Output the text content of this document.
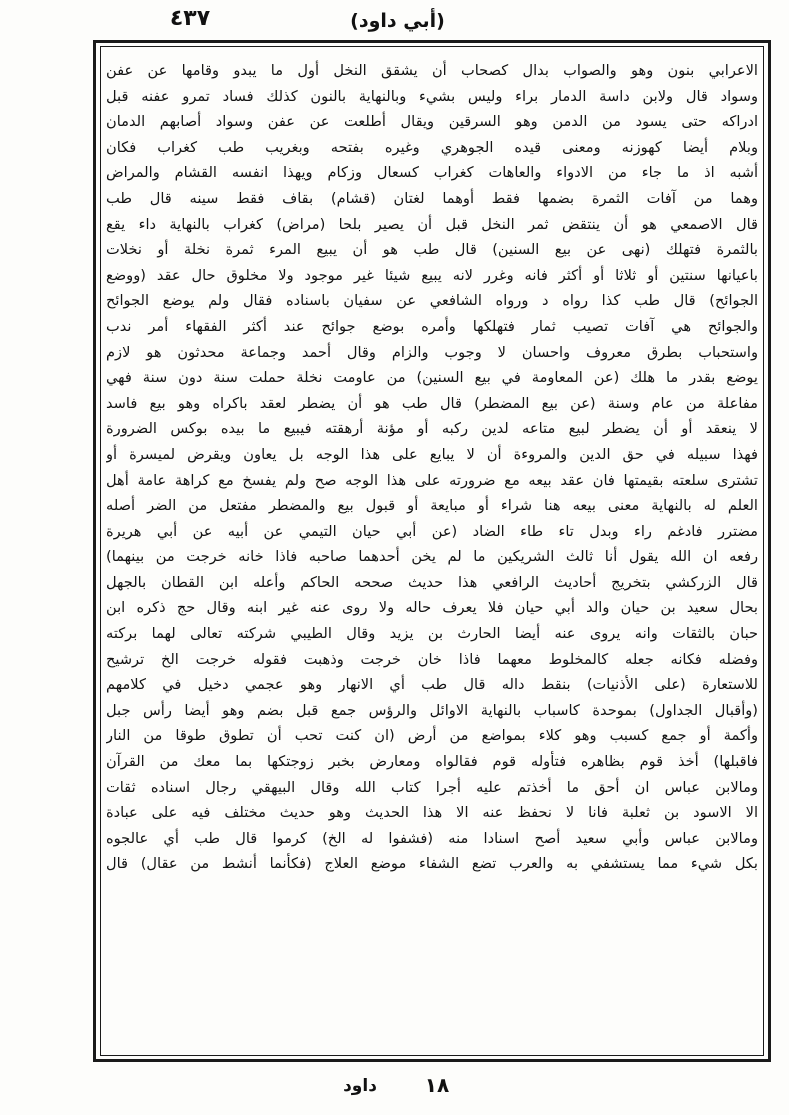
٤٣٧	(أبي داود)
الاعرابي بنون وهو والصواب بدال كصحاب أن يشقق النخل أول ما يبدو وقامها عن عفن
وسواد قال ولابن داسة الدمار براء وليس بشيء وبالنهاية بالنون كذلك فساد تمرو عفنه قبل
ادراكه حتى يسود من الدمن وهو السرقين ويقال أطلعت عن عفن وسواد أصابهم الدمان
وبلام أيضا كهوزنه ومعنى قيده الجوهري وغيره بفتحه وبغريب طب كغراب فكان
أشبه اذ ما جاء من الادواء والعاهات كغراب كسعال وزكام ويهذا انفسه القشام والمراض
وهما من آفات الثمرة بضمها فقط أوهما لغتان (قشام) بقاف فقط سينه قال طب
قال الاصمعي هو أن ينتقض ثمر النخل قبل أن يصير بلحا (مراض) كغراب بالنهاية داء يقع
بالثمرة فتهلك (نهى عن بيع السنين) قال طب هو أن يبيع المرء ثمرة نخلة أو نخلات
باعيانها سنتين أو ثلاثا أو أكثر فانه وغرر لانه يبيع شيئا غير موجود ولا مخلوق حال عقد (ووضع
الجوائح) قال طب كذا رواه د ورواه الشافعي عن سفيان باسناده فقال ولم يوضع الجوائح
والجوائح هي آفات تصيب ثمار فتهلكها وأمره بوضع جوائح عند أكثر الفقهاء أمر ندب
واستحباب بطرق معروف واحسان لا وجوب والزام وقال أحمد وجماعة محدثون هو لازم
يوضع بقدر ما هلك (عن المعاومة في بيع السنين) من عاومت نخلة حملت سنة دون سنة فهي
مفاعلة من عام وسنة (عن بيع المضطر) قال طب هو أن يضطر لعقد باكراه وهو بيع فاسد
لا ينعقد أو أن يضطر لبيع متاعه لدين ركبه أو مؤنة أرهقته فيبيع ما بيده بوكس الضرورة
فهذا سبيله في حق الدين والمروءة أن لا يبايع على هذا الوجه بل يعاون ويقرض لميسرة أو
تشترى سلعته بقيمتها فان عقد بيعه مع ضرورته على هذا الوجه صح ولم يفسخ مع كراهة عامة أهل
العلم له بالنهاية معنى بيعه هنا شراء أو مبايعة أو قبول بيع والمضطر مفتعل من الضر أصله
مضترر فادغم راء وبدل تاء طاء الضاد (عن أبي حيان التيمي عن أبيه عن أبي هريرة
رفعه ان الله يقول أنا ثالث الشريكين ما لم يخن أحدهما صاحبه فاذا خانه خرجت من بينهما)
قال الزركشي بتخريج أحاديث الرافعي هذا حديث صححه الحاكم وأعله ابن القطان بالجهل
بحال سعيد بن حيان والد أبي حيان فلا يعرف حاله ولا روى عنه غير ابنه وقال حج ذكره ابن
حبان بالثقات وانه يروى عنه أيضا الحارث بن يزيد وقال الطيبي شركته تعالى لهما بركته
وفضله فكانه جعله كالمخلوط معهما فاذا خان خرجت وذهبت فقوله خرجت الخ ترشيح
للاستعارة (على الأذنيات) بنقط داله قال طب أي الانهار وهو عجمي دخيل في كلامهم
(وأقبال الجداول) بموحدة كاسباب بالنهاية الاوائل والرؤس جمع قبل بضم وهو أيضا رأس جبل
وأكمة أو جمع كسبب وهو كلاء بمواضع من أرض (ان كنت تحب أن تطوق طوقا من النار
فاقبلها) أخذ قوم بظاهره فتأوله قوم فقالواه ومعارض بخبر زوجتكها بما معك من القرآن
ومالابن عباس ان أحق ما أخذتم عليه أجرا كتاب الله وقال البيهقي رجال اسناده ثقات
الا الاسود بن ثعلبة فانا لا نحفظ عنه الا هذا الحديث وهو حديث مختلف فيه على عبادة
ومالابن عباس وأبي سعيد أصح اسنادا منه (فشفوا له الخ) كرموا قال طب أي عالجوه
بكل شيء مما يستشفي به والعرب تضع الشفاء موضع العلاج (فكأنما أنشط من عقال) قال
داود	١٨
